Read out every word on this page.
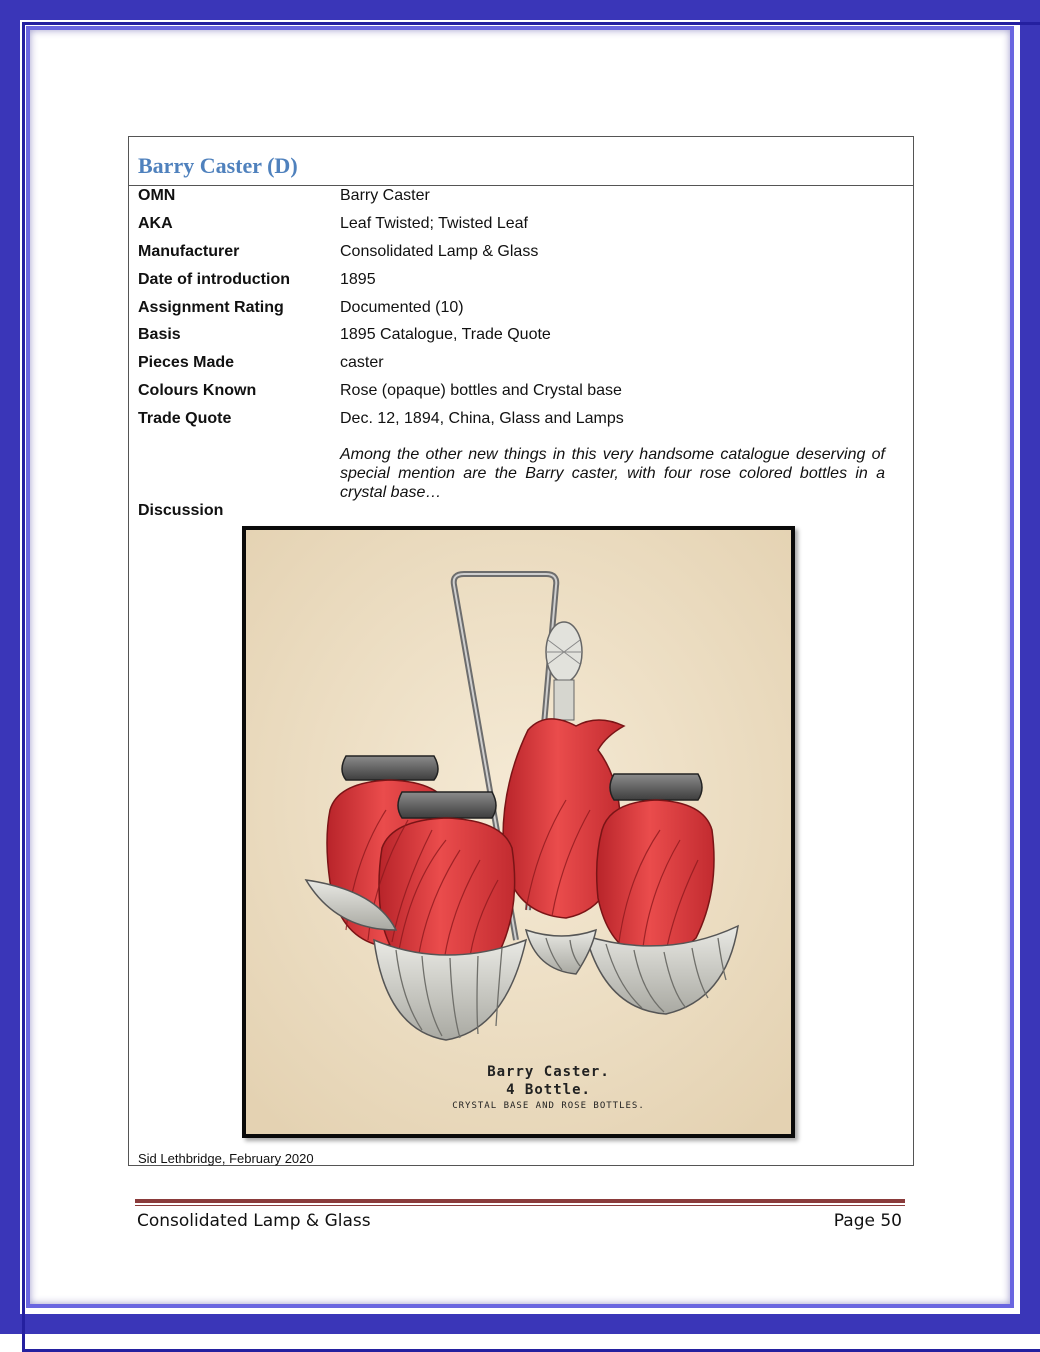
Barry Caster (D)
OMN	Barry Caster
AKA	Leaf Twisted; Twisted Leaf
Manufacturer	Consolidated Lamp & Glass
Date of introduction	1895
Assignment Rating	Documented (10)
Basis	1895 Catalogue, Trade Quote
Pieces Made	caster
Colours Known	Rose (opaque) bottles and Crystal base
Trade Quote	Dec. 12, 1894, China, Glass and Lamps
Among the other new things in this very handsome catalogue deserving of special mention are the Barry caster, with four rose colored bottles in a crystal base…
Discussion
Barry Caster.
4 Bottle.
CRYSTAL BASE AND ROSE BOTTLES.
Sid Lethbridge, February 2020
Consolidated Lamp & Glass	Page 50
